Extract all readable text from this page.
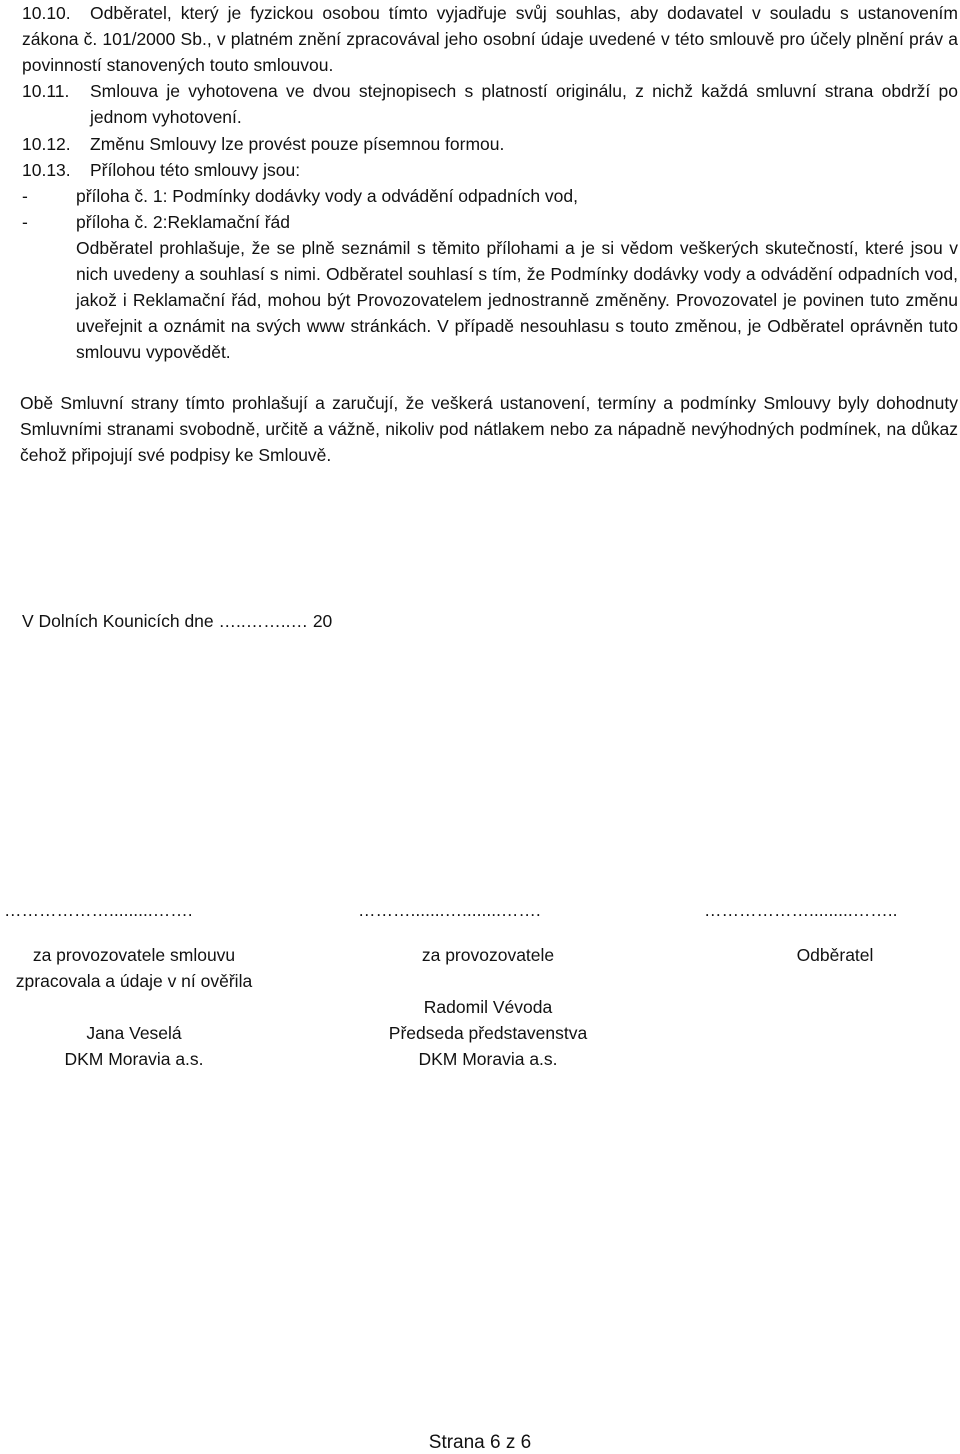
10.10.	Odběratel, který je fyzickou osobou tímto vyjadřuje svůj souhlas, aby dodavatel v souladu s ustanovením zákona č. 101/2000 Sb., v platném znění zpracovával jeho osobní údaje uvedené v této smlouvě pro účely plnění práv a povinností stanovených touto smlouvou.
10.11. Smlouva je vyhotovena ve dvou stejnopisech s platností originálu, z nichž každá smluvní strana obdrží po jednom vyhotovení.
10.12. Změnu Smlouvy lze provést pouze písemnou formou.
10.13. Přílohou této smlouvy jsou:
-	příloha č. 1: Podmínky dodávky vody a odvádění odpadních vod,
-	příloha č. 2:Reklamační řád
Odběratel prohlašuje, že se plně seznámil s těmito přílohami a je si vědom veškerých skutečností, které jsou v nich uvedeny a souhlasí s nimi. Odběratel souhlasí s tím, že Podmínky dodávky vody a odvádění odpadních vod, jakož i Reklamační řád, mohou být Provozovatelem jednostranně změněny. Provozovatel je povinen tuto změnu uveřejnit a oznámit na svých www stránkách. V případě nesouhlasu s touto změnou, je Odběratel oprávněn tuto smlouvu vypovědět.
Obě Smluvní strany tímto prohlašují a zaručují, že veškerá ustanovení, termíny a podmínky Smlouvy byly dohodnuty Smluvními stranami svobodně, určitě a vážně, nikoliv pod nátlakem nebo za nápadně nevýhodných podmínek, na důkaz čehož připojují své podpisy ke Smlouvě.
V Dolních Kounicích dne …..……..… 20
……………….........…….	……….......…........…….	……………….........……..
za provozovatele smlouvu
zpracovala a údaje v ní ověřila
Jana Veselá
DKM Moravia a.s.
za provozovatele
Radomil Vévoda
Předseda představenstva
DKM Moravia a.s.
Odběratel
Strana 6 z 6
